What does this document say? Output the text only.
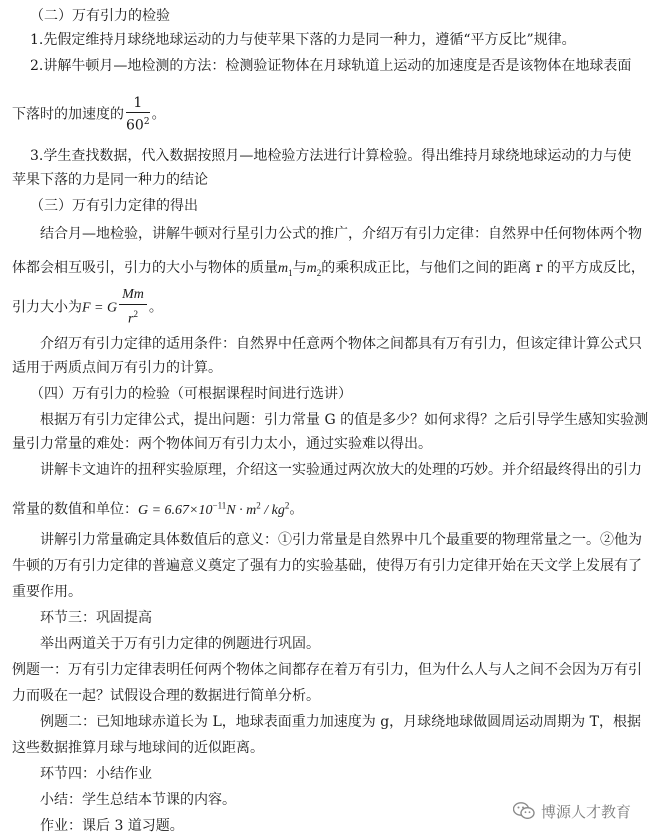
（二）万有引力的检验
1.先假定维持月球绕地球运动的力与使苹果下落的力是同一种力，遵循“平方反比”规律。
2.讲解牛顿月—地检测的方法：检测验证物体在月球轨道上运动的加速度是否是该物体在地球表面
下落时的加速度的 $\frac{1}{60^2}$ 。
3.学生查找数据，代入数据按照月—地检验方法进行计算检验。得出维持月球绕地球运动的力与使
苹果下落的力是同一种力的结论
（三）万有引力定律的得出
结合月—地检验，讲解牛顿对行星引力公式的推广，介绍万有引力定律：自然界中任何物体两个物
体都会相互吸引，引力的大小与物体的质量$m_1$与$m_2$的乘积成正比，与他们之间的距离 r 的平方成反比，
引力大小为F = G $\frac{Mm}{r^2}$ 。
介绍万有引力定律的适用条件：自然界中任意两个物体之间都具有万有引力，但该定律计算公式只
适用于两质点间万有引力的计算。
（四）万有引力的检验（可根据课程时间进行选讲）
根据万有引力定律公式，提出问题：引力常量 G 的值是多少？如何求得？之后引导学生感知实验测
量引力常量的难处：两个物体间万有引力太小，通过实验难以得出。
讲解卡文迪许的扭秤实验原理，介绍这一实验通过两次放大的处理的巧妙。并介绍最终得出的引力
常量的数值和单位：$G = 6.67\times 10^{-11}N \cdot m^2 / kg^2$。
讲解引力常量确定具体数值后的意义：①引力常量是自然界中几个最重要的物理常量之一。②他为
牛顿的万有引力定律的普遍意义奠定了强有力的实验基础，使得万有引力定律开始在天文学上发展有了
重要作用。
环节三：巩固提高
举出两道关于万有引力定律的例题进行巩固。
例题一：万有引力定律表明任何两个物体之间都存在着万有引力，但为什么人与人之间不会因为万有引
力而吸在一起？试假设合理的数据进行简单分析。
例题二：已知地球赤道长为 L，地球表面重力加速度为 g，月球绕地球做圆周运动周期为 T，根据
这些数据推算月球与地球间的近似距离。
环节四：小结作业
小结：学生总结本节课的内容。
作业：课后 3 道习题。
博源人才教育
